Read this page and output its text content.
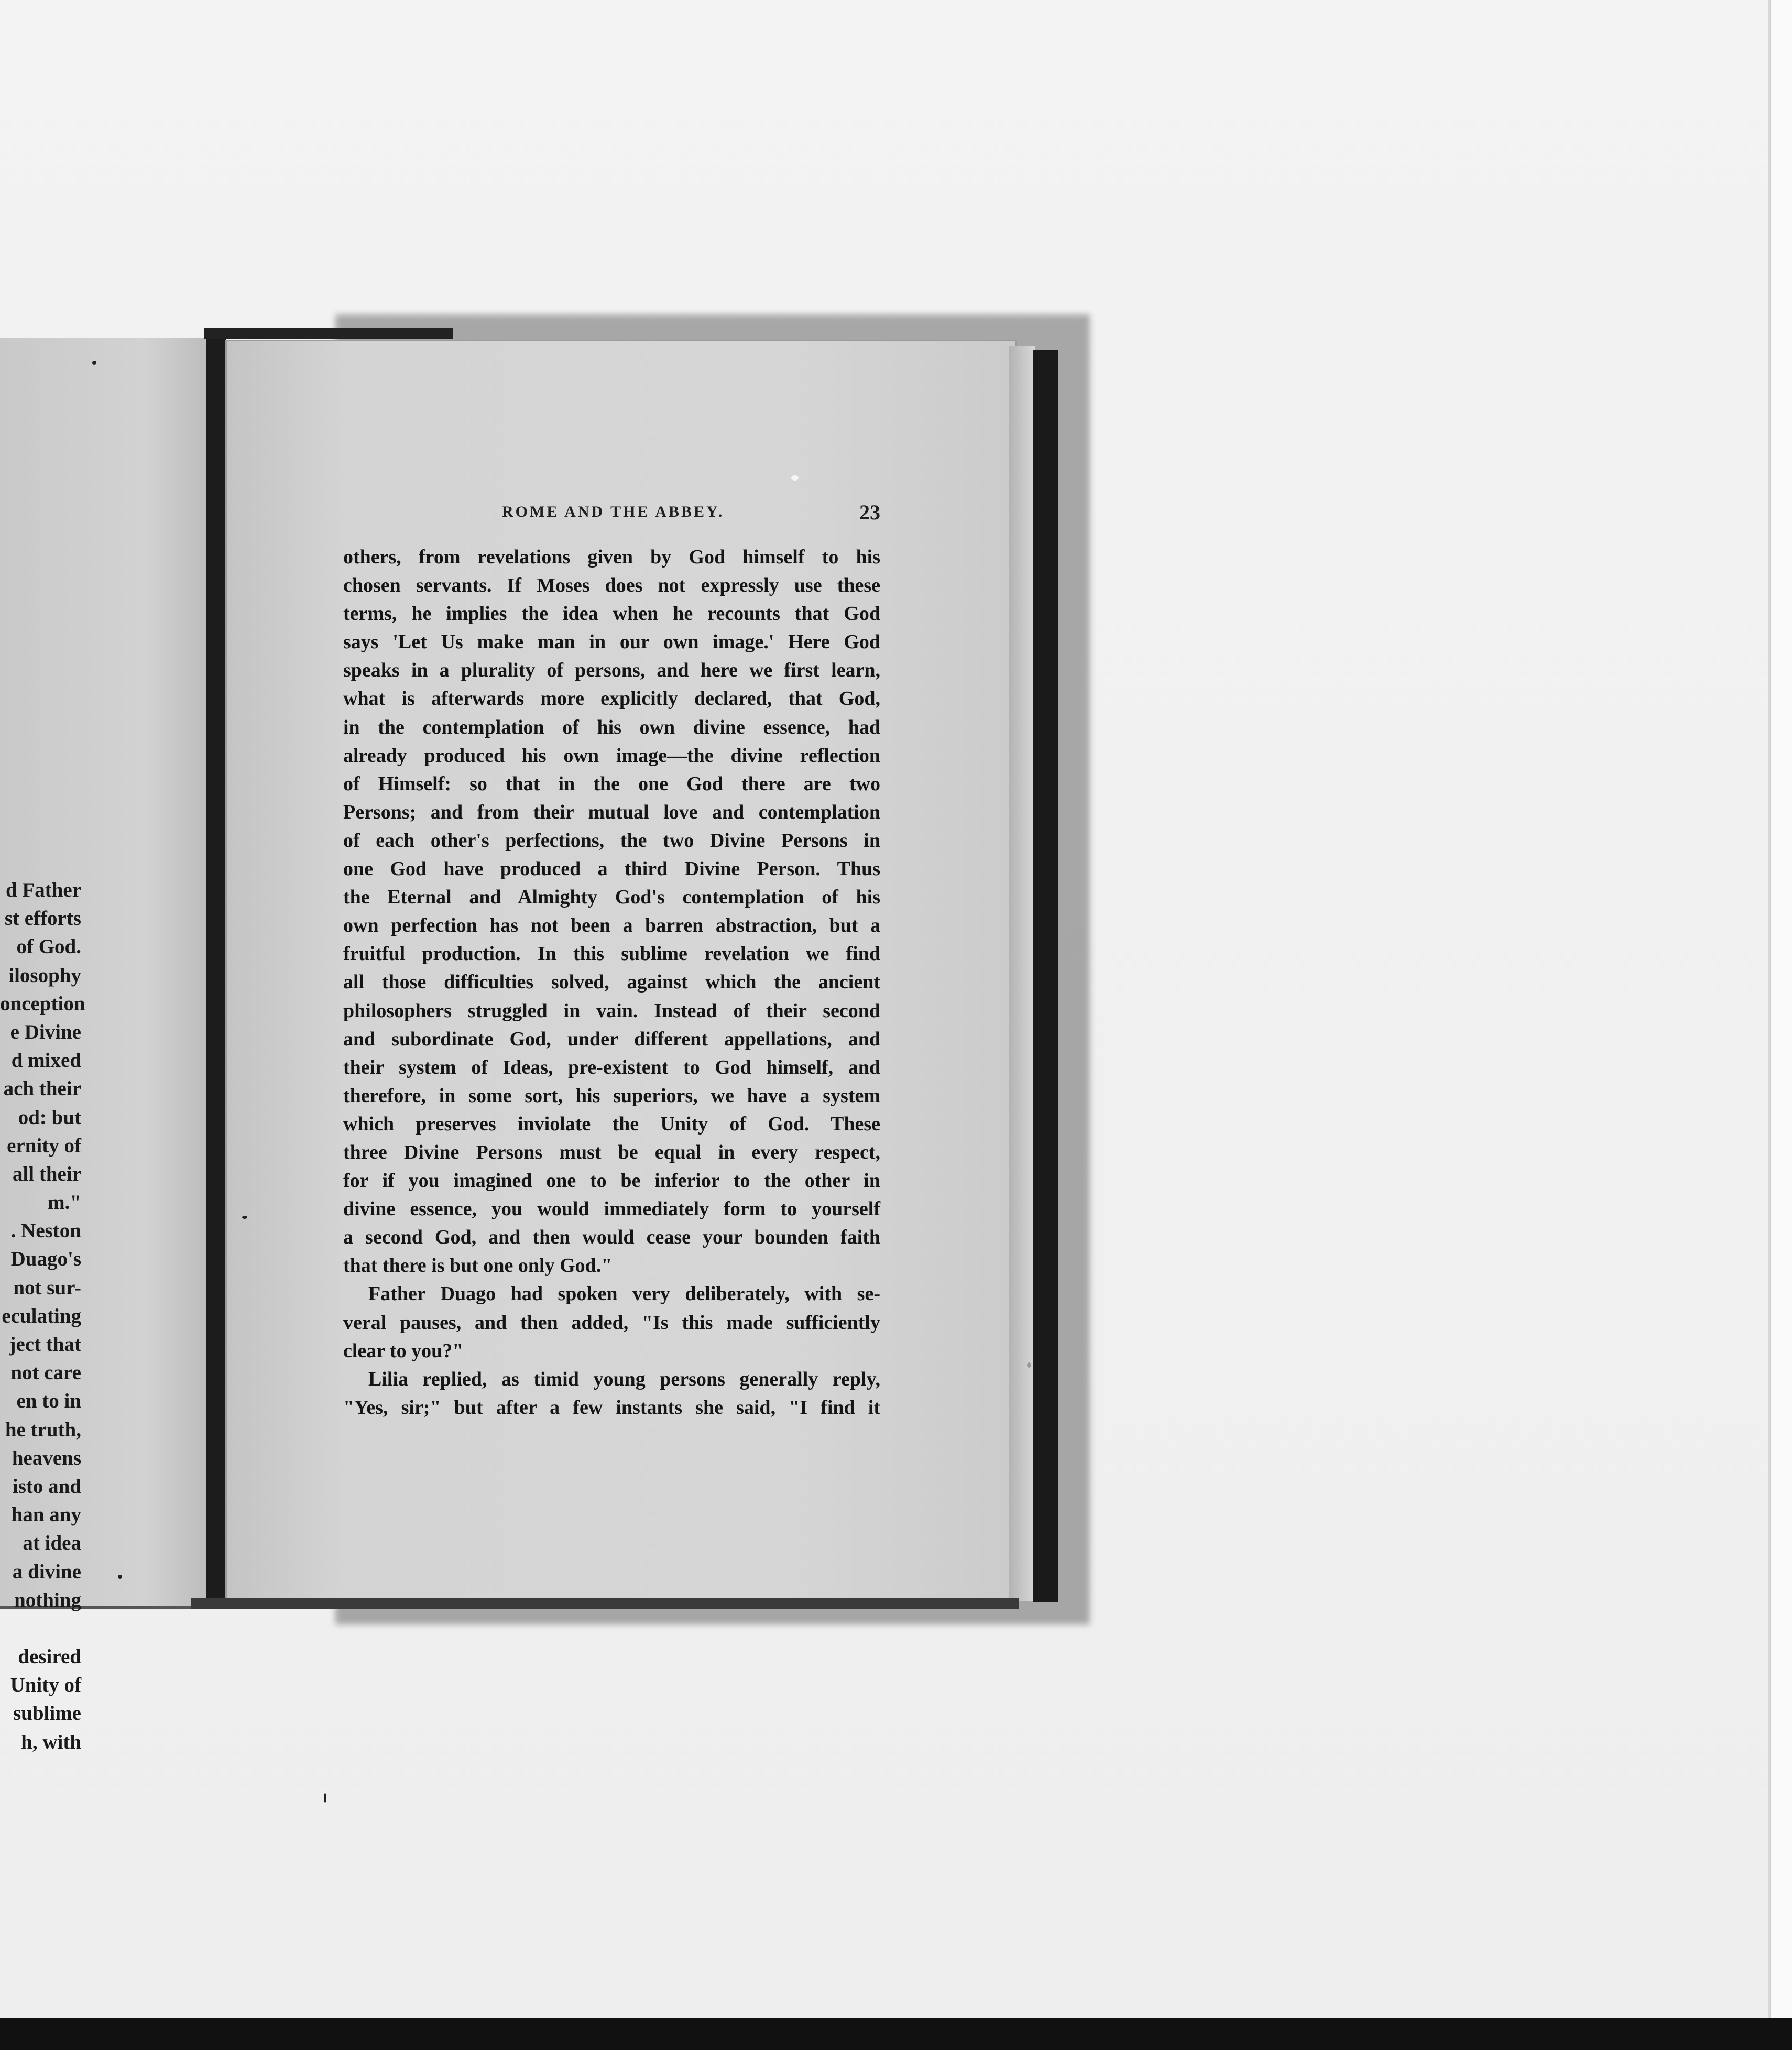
d Father
st efforts
of God.
ilosophy
onception
e Divine
d mixed
ach their
od: but
ernity of
all their
m."
. Neston
Duago's
not sur-
eculating
ject that
not care
en to in
he truth,
heavens
isto and
han any
at idea
a divine
nothing
desired
Unity of
sublime
h, with
ROME AND THE ABBEY.	23
others, from revelations given by God himself to his
chosen servants. If Moses does not expressly use these
terms, he implies the idea when he recounts that God
says 'Let Us make man in our own image.' Here God
speaks in a plurality of persons, and here we first learn,
what is afterwards more explicitly declared, that God,
in the contemplation of his own divine essence, had
already produced his own image—the divine reflection
of Himself: so that in the one God there are two
Persons; and from their mutual love and contemplation
of each other's perfections, the two Divine Persons in
one God have produced a third Divine Person. Thus
the Eternal and Almighty God's contemplation of his
own perfection has not been a barren abstraction, but a
fruitful production. In this sublime revelation we find
all those difficulties solved, against which the ancient
philosophers struggled in vain. Instead of their second
and subordinate God, under different appellations, and
their system of Ideas, pre-existent to God himself, and
therefore, in some sort, his superiors, we have a system
which preserves inviolate the Unity of God. These
three Divine Persons must be equal in every respect,
for if you imagined one to be inferior to the other in
divine essence, you would immediately form to yourself
a second God, and then would cease your bounden faith
that there is but one only God."
Father Duago had spoken very deliberately, with se-
veral pauses, and then added, "Is this made sufficiently
clear to you?"
Lilia replied, as timid young persons generally reply,
"Yes, sir;" but after a few instants she said, "I find it
